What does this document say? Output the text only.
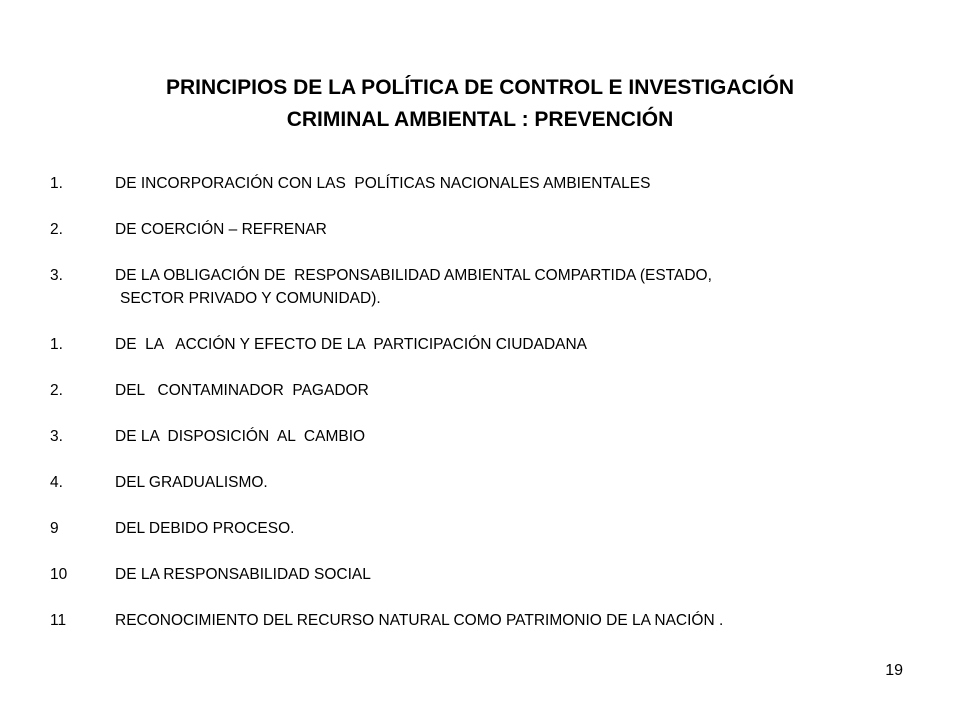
PRINCIPIOS DE LA POLÍTICA DE CONTROL E INVESTIGACIÓN
CRIMINAL AMBIENTAL : PREVENCIÓN
1.	DE INCORPORACIÓN CON LAS  POLÍTICAS NACIONALES AMBIENTALES
2.	DE COERCIÓN – REFRENAR
3.	DE LA OBLIGACIÓN DE  RESPONSABILIDAD AMBIENTAL COMPARTIDA (ESTADO,
SECTOR PRIVADO Y COMUNIDAD).
1.	DE  LA   ACCIÓN Y EFECTO DE LA  PARTICIPACIÓN CIUDADANA
2.	DEL   CONTAMINADOR  PAGADOR
3.	DE LA  DISPOSICIÓN  AL  CAMBIO
4.	DEL GRADUALISMO.
9	DEL DEBIDO PROCESO.
10	DE LA RESPONSABILIDAD SOCIAL
11	RECONOCIMIENTO DEL RECURSO NATURAL COMO PATRIMONIO DE LA NACIÓN .
19
